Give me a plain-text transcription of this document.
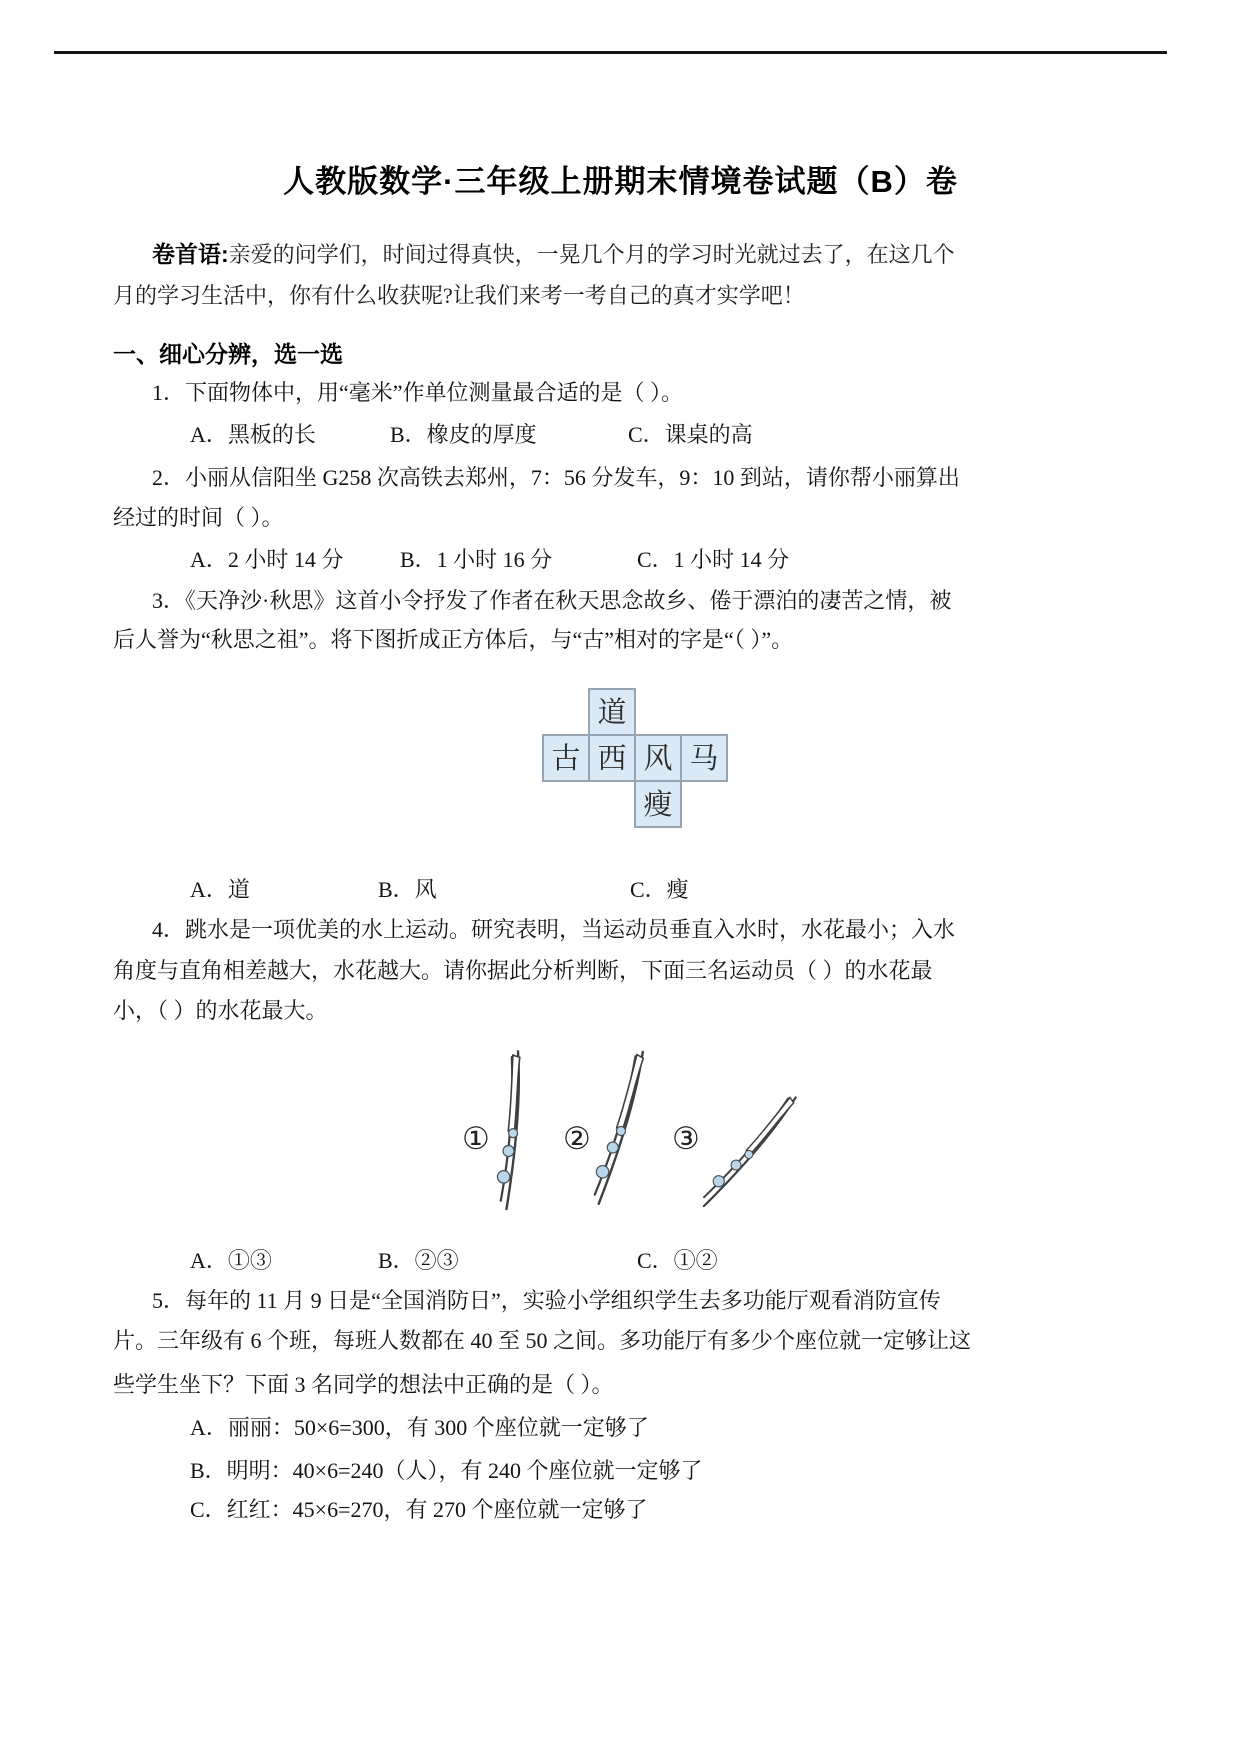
人教版数学·三年级上册期末情境卷试题（B）卷
卷首语:亲爱的问学们，时间过得真快，一晃几个月的学习时光就过去了，在这几个
月的学习生活中，你有什么收获呢?让我们来考一考自己的真才实学吧！
一、细心分辨，选一选
1．下面物体中，用“毫米”作单位测量最合适的是（ ）。
A．黑板的长	B．橡皮的厚度	C．课桌的高
2．小丽从信阳坐 G258 次高铁去郑州，7：56 分发车，9：10 到站，请你帮小丽算出
经过的时间（ ）。
A．2 小时 14 分	B．1 小时 16 分	C．1 小时 14 分
3．《天净沙·秋思》这首小令抒发了作者在秋天思念故乡、倦于漂泊的凄苦之情，被
后人誉为“秋思之祖”。将下图折成正方体后，与“古”相对的字是“（ ）”。
道
古 西 风 马
瘦
A．道	B．风	C．瘦
4．跳水是一项优美的水上运动。研究表明，当运动员垂直入水时，水花最小；入水
角度与直角相差越大，水花越大。请你据此分析判断，下面三名运动员（ ）的水花最
小，（ ）的水花最大。
① ②	③
A．①③	B．②③	C．①②
5．每年的 11 月 9 日是“全国消防日”，实验小学组织学生去多功能厅观看消防宣传
片。三年级有 6 个班，每班人数都在 40 至 50 之间。多功能厅有多少个座位就一定够让这
些学生坐下？下面 3 名同学的想法中正确的是（ ）。
A．丽丽：50×6=300，有 300 个座位就一定够了
B．明明：40×6=240（人），有 240 个座位就一定够了
C．红红：45×6=270，有 270 个座位就一定够了
